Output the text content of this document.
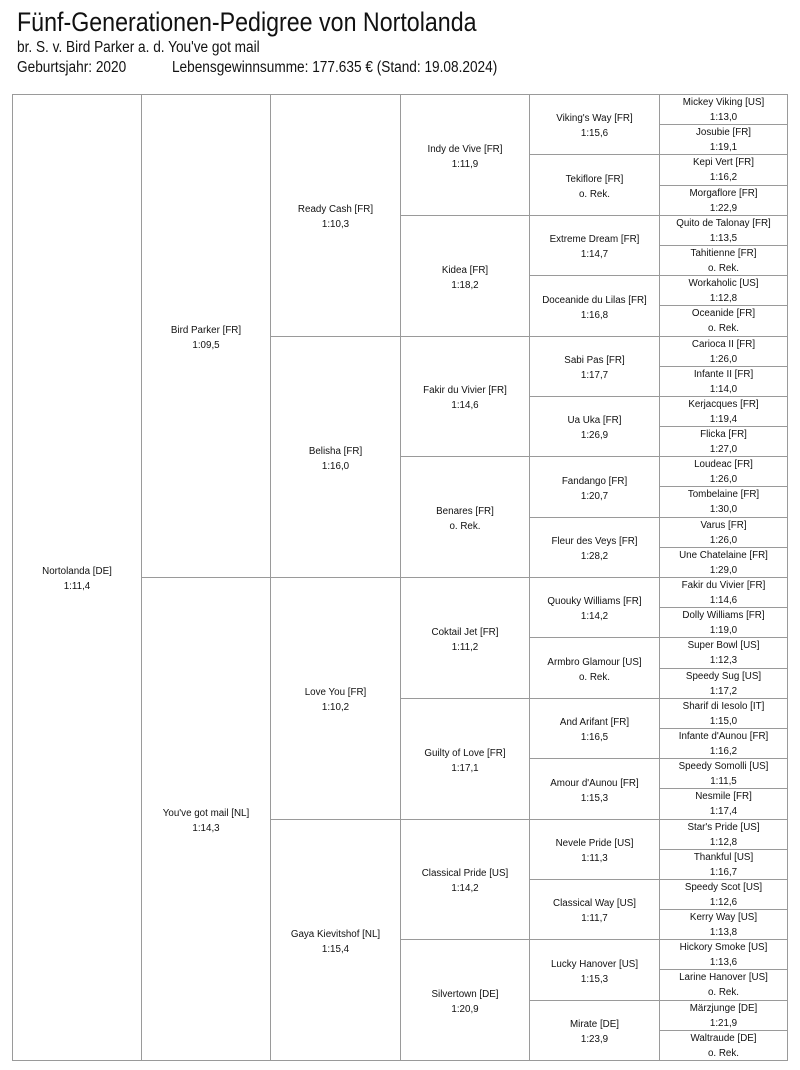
Fünf-Generationen-Pedigree von Nortolanda
br. S. v. Bird Parker a. d. You've got mail
Geburtsjahr: 2020	Lebensgewinnsumme: 177.635 € (Stand: 19.08.2024)
Nortolanda [DE]
1:11,4
Bird Parker [FR]
1:09,5
You've got mail [NL]
1:14,3
Ready Cash [FR]
1:10,3
Belisha [FR]
1:16,0
Love You [FR]
1:10,2
Gaya Kievitshof [NL]
1:15,4
Indy de Vive [FR]
1:11,9
Kidea [FR]
1:18,2
Fakir du Vivier [FR]
1:14,6
Benares [FR]
o. Rek.
Coktail Jet [FR]
1:11,2
Guilty of Love [FR]
1:17,1
Classical Pride [US]
1:14,2
Silvertown [DE]
1:20,9
Viking's Way [FR]
1:15,6
Tekiflore [FR]
o. Rek.
Extreme Dream [FR]
1:14,7
Doceanide du Lilas [FR]
1:16,8
Sabi Pas [FR]
1:17,7
Ua Uka [FR]
1:26,9
Fandango [FR]
1:20,7
Fleur des Veys [FR]
1:28,2
Quouky Williams [FR]
1:14,2
Armbro Glamour [US]
o. Rek.
And Arifant [FR]
1:16,5
Amour d'Aunou [FR]
1:15,3
Nevele Pride [US]
1:11,3
Classical Way [US]
1:11,7
Lucky Hanover [US]
1:15,3
Mirate [DE]
1:23,9
Mickey Viking [US]
1:13,0
Josubie [FR]
1:19,1
Kepi Vert [FR]
1:16,2
Morgaflore [FR]
1:22,9
Quito de Talonay [FR]
1:13,5
Tahitienne [FR]
o. Rek.
Workaholic [US]
1:12,8
Oceanide [FR]
o. Rek.
Carioca II [FR]
1:26,0
Infante II [FR]
1:14,0
Kerjacques [FR]
1:19,4
Flicka [FR]
1:27,0
Loudeac [FR]
1:26,0
Tombelaine [FR]
1:30,0
Varus [FR]
1:26,0
Une Chatelaine [FR]
1:29,0
Fakir du Vivier [FR]
1:14,6
Dolly Williams [FR]
1:19,0
Super Bowl [US]
1:12,3
Speedy Sug [US]
1:17,2
Sharif di Iesolo [IT]
1:15,0
Infante d'Aunou [FR]
1:16,2
Speedy Somolli [US]
1:11,5
Nesmile [FR]
1:17,4
Star's Pride [US]
1:12,8
Thankful [US]
1:16,7
Speedy Scot [US]
1:12,6
Kerry Way [US]
1:13,8
Hickory Smoke [US]
1:13,6
Larine Hanover [US]
o. Rek.
Märzjunge [DE]
1:21,9
Waltraude [DE]
o. Rek.
